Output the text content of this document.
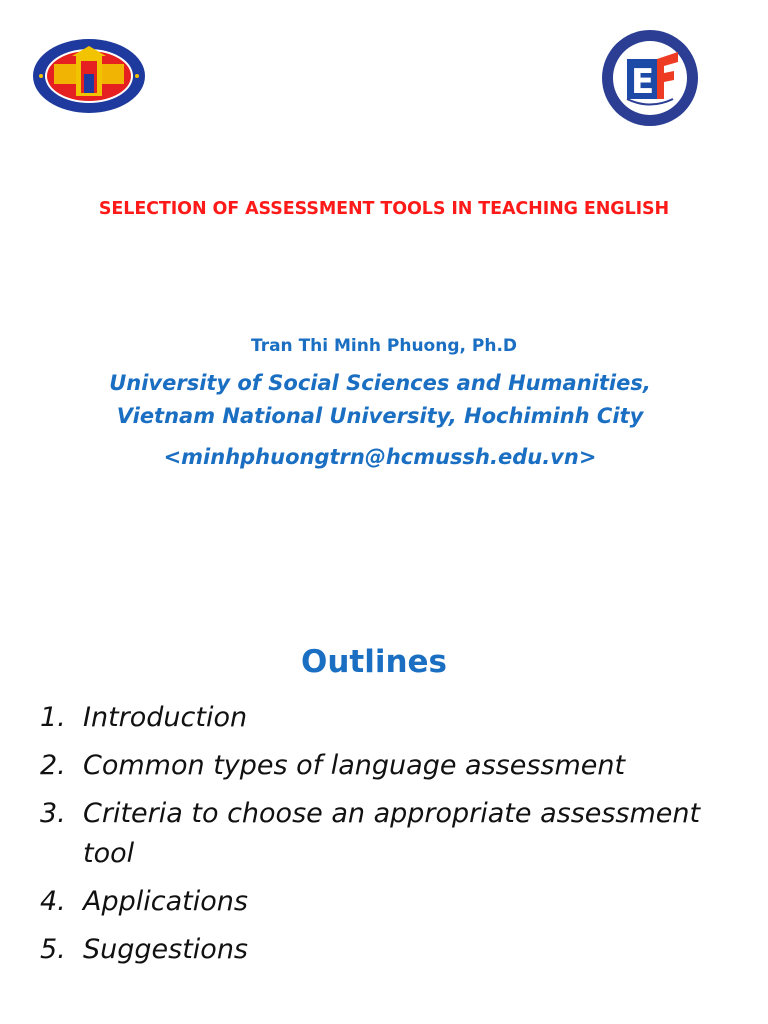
E
SELECTION OF ASSESSMENT TOOLS IN TEACHING ENGLISH
Tran Thi Minh Phuong, Ph.D
University of Social Sciences and Humanities,
Vietnam National University, Hochiminh City
<minhphuongtrn@hcmussh.edu.vn>
Outlines
1. Introduction
2. Common types of language assessment
3. Criteria to choose an appropriate assessment
tool
4. Applications
5. Suggestions
